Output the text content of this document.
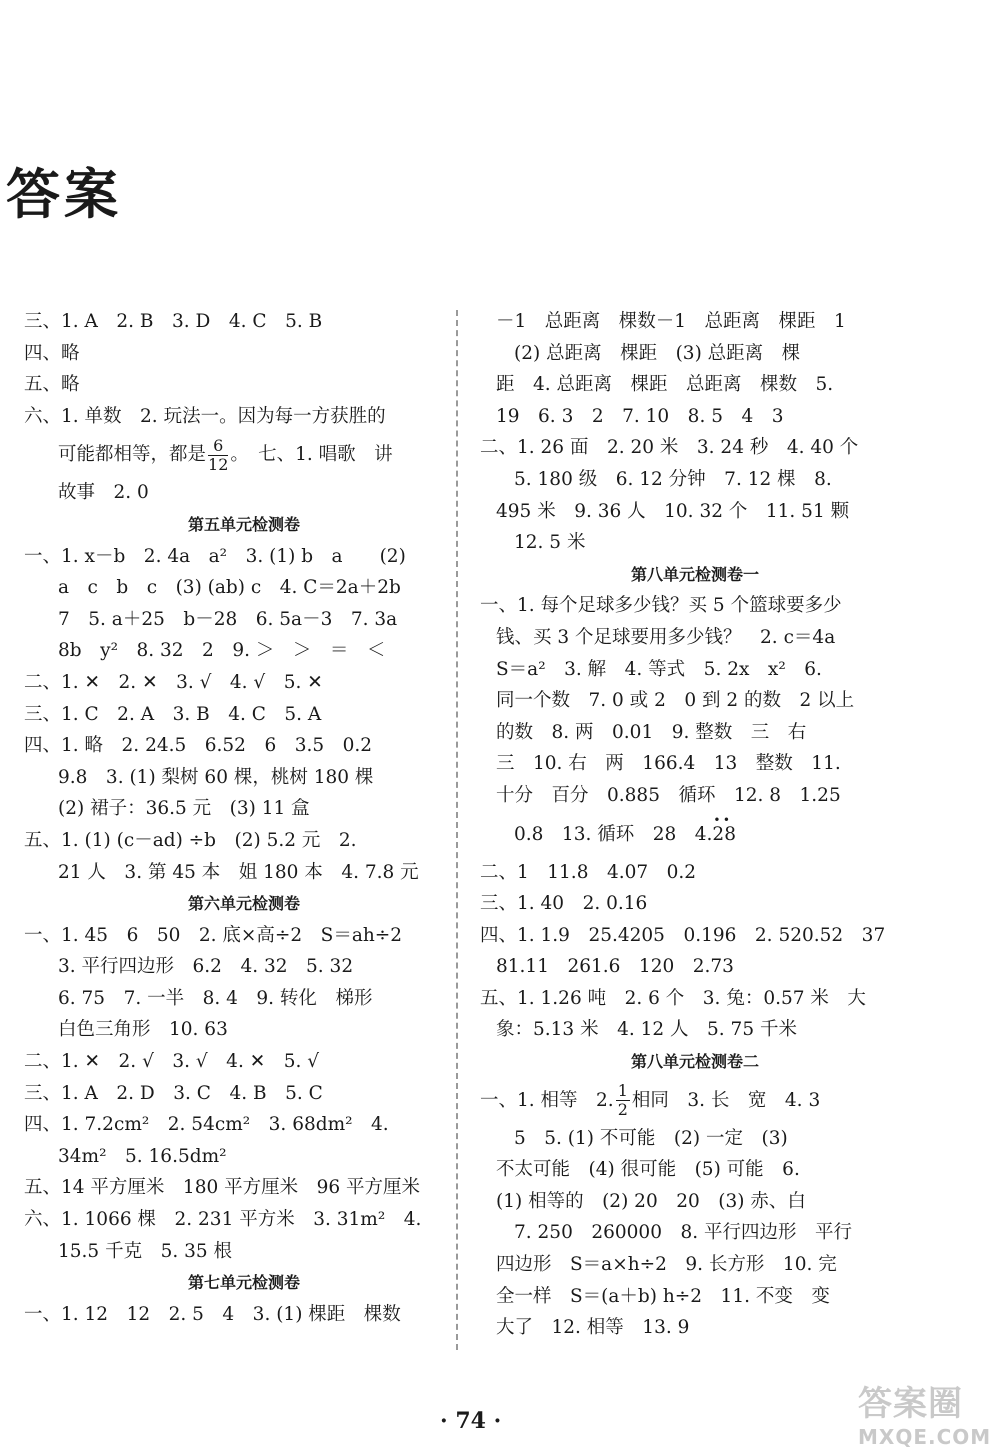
答案
三、1. A　2. B　3. D　4. C　5. B
四、略
五、略
六、1. 单数　2. 玩法一。因为每一方获胜的
可能都相等，都是 $\frac{6}{12}$ 。　七、1. 唱歌　讲
故事　2. 0
第五单元检测卷
一、1. x－b　2. 4a　a²　3. (1) b　a　　(2)
a　c　b　c　(3) (ab) c　4. C＝2a＋2b
7　5. a＋25　b－28　6. 5a－3　7. 3a
8b　y²　8. 32　2　9. ＞　＞　＝　＜
二、1. ✕　2. ✕　3. √　4. √　5. ✕
三、1. C　2. A　3. B　4. C　5. A
四、1. 略　2. 24.5　6.52　6　3.5　0.2
9.8　3. (1) 梨树 60 棵，桃树 180 棵
(2) 裙子：36.5 元　(3) 11 盒
五、1. (1) (c－ad) ÷b　(2) 5.2 元　2.
21 人　3. 第 45 本　姐 180 本　4. 7.8 元
第六单元检测卷
一、1. 45　6　50　2. 底×高÷2　S＝ah÷2
3. 平行四边形　6.2　4. 32　5. 32
6. 75　7. 一半　8. 4　9. 转化　梯形
白色三角形　10. 63
二、1. ✕　2. √　3. √　4. ✕　5. √
三、1. A　2. D　3. C　4. B　5. C
四、1. 7.2cm²　2. 54cm²　3. 68dm²　4.
34m²　5. 16.5dm²
五、14 平方厘米　180 平方厘米　96 平方厘米
六、1. 1066 棵　2. 231 平方米　3. 31m²　4.
15.5 千克　5. 35 根
第七单元检测卷
一、1. 12　12　2. 5　4　3. (1) 棵距　棵数
－1　总距离　棵数－1　总距离　棵距　1
(2) 总距离　棵距　(3) 总距离　棵
距　4. 总距离　棵距　总距离　棵数　5.
19　6. 3　2　7. 10　8. 5　4　3
二、1. 26 面　2. 20 米　3. 24 秒　4. 40 个
5. 180 级　6. 12 分钟　7. 12 棵　8.
495 米　9. 36 人　10. 32 个　11. 51 颗
12. 5 米
第八单元检测卷一
一、1. 每个足球多少钱？买 5 个篮球要多少
钱、买 3 个足球要用多少钱？　2. c＝4a
S＝a²　3. 解　4. 等式　5. 2x　x²　6.
同一个数　7. 0 或 2　0 到 2 的数　2 以上
的数　8. 两　0.01　9. 整数　三　右
三　10. 右　两　166.4　13　整数　11.
十分　百分　0.885　循环　12. 8　1.25
0.8　13. 循环　28　4.• • 28
二、1　11.8　4.07　0.2
三、1. 40　2. 0.16
四、1. 1.9　25.4205　0.196　2. 520.52　37
81.11　261.6　120　2.73
五、1. 1.26 吨　2. 6 个　3. 兔：0.57 米　大
象：5.13 米　4. 12 人　5. 75 千米
第八单元检测卷二
一、1. 相等　2. $\frac{1}{2}$ 相同　3. 长　宽　4. 3
5　5. (1) 不可能　(2) 一定　(3)
不太可能　(4) 很可能　(5) 可能　6.
(1) 相等的　(2) 20　20　(3) 赤、白
7. 250　260000　8. 平行四边形　平行
四边形　S＝a×h÷2　9. 长方形　10. 完
全一样　S＝(a＋b) h÷2　11. 不变　变
大了　12. 相等　13. 9
· 74 ·	答案圈
MXQE.COM
